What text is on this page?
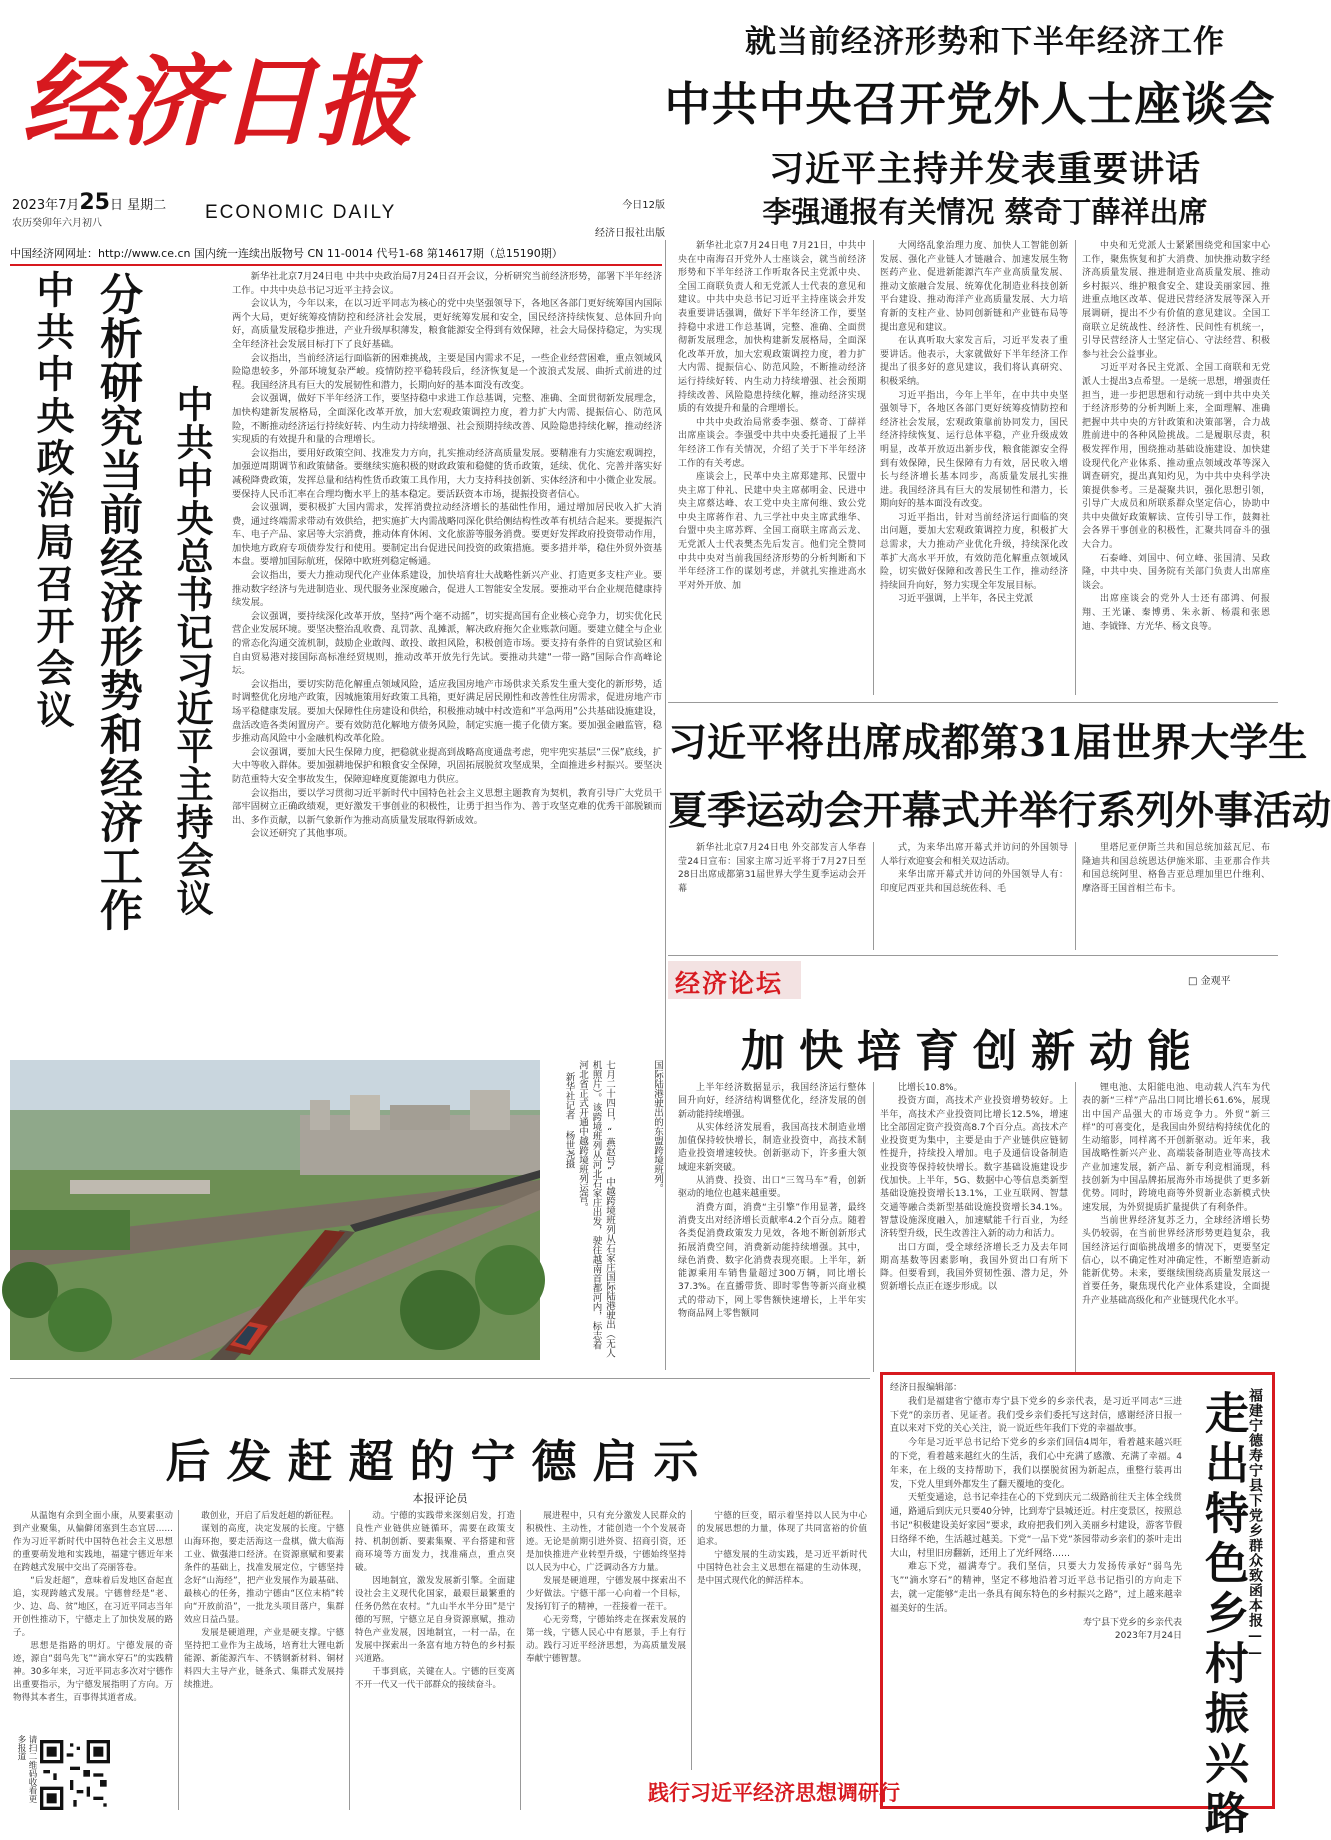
经济日报
2023年7月25日 星期二
农历癸卯年六月初八
ECONOMIC DAILY	今日12版
经济日报社出版
中国经济网网址：http://www.ce.cn 国内统一连续出版物号 CN 11-0014 代号1-68 第14617期（总15190期）
就当前经济形势和下半年经济工作
中共中央召开党外人士座谈会
习近平主持并发表重要讲话
李强通报有关情况 蔡奇丁薛祥出席

新华社北京7月24日电 7月21日，中共中央在中南海召开党外人士座谈会，就当前经济形势和下半年经济工作听取各民主党派中央、全国工商联负责人和无党派人士代表的意见和建议。中共中央总书记习近平主持座谈会并发表重要讲话强调，做好下半年经济工作，要坚持稳中求进工作总基调，完整、准确、全面贯彻新发展理念，加快构建新发展格局，全面深化改革开放，加大宏观政策调控力度，着力扩大内需、提振信心、防范风险，不断推动经济运行持续好转、内生动力持续增强、社会预期持续改善、风险隐患持续化解，推动经济实现质的有效提升和量的合理增长。

中共中央政治局常委李强、蔡奇、丁薛祥出席座谈会。李强受中共中央委托通报了上半年经济工作有关情况，介绍了关于下半年经济工作的有关考虑。

座谈会上，民革中央主席郑建邦、民盟中央主席丁仲礼、民建中央主席郝明金、民进中央主席蔡达峰、农工党中央主席何维、致公党中央主席蒋作君、九三学社中央主席武维华、台盟中央主席苏辉、全国工商联主席高云龙、无党派人士代表樊杰先后发言。他们完全赞同中共中央对当前我国经济形势的分析判断和下半年经济工作的谋划考虑，并就扎实推进高水平对外开放、加

大网络乱象治理力度、加快人工智能创新发展、强化产业链人才链融合、加速发展生物医药产业、促进新能源汽车产业高质量发展、推动文旅融合发展、统筹优化制造业科技创新平台建设、推动海洋产业高质量发展、大力培育新的支柱产业、协同创新链和产业链布局等提出意见和建议。

在认真听取大家发言后，习近平发表了重要讲话。他表示，大家就做好下半年经济工作提出了很多好的意见建议，我们将认真研究、积极采纳。

习近平指出，今年上半年，在中共中央坚强领导下，各地区各部门更好统筹疫情防控和经济社会发展，宏观政策靠前协同发力，国民经济持续恢复、运行总体平稳，产业升级成效明显，改革开放迈出新步伐，粮食能源安全得到有效保障，民生保障有力有效，居民收入增长与经济增长基本同步，高质量发展扎实推进。我国经济具有巨大的发展韧性和潜力，长期向好的基本面没有改变。

习近平指出，针对当前经济运行面临的突出问题，要加大宏观政策调控力度，积极扩大总需求，大力推动产业优化升级，持续深化改革扩大高水平开放，有效防范化解重点领域风险，切实做好保障和改善民生工作，推动经济持续回升向好，努力实现全年发展目标。

习近平强调，上半年，各民主党派

中央和无党派人士紧紧围绕党和国家中心工作，聚焦恢复和扩大消费、加快推动数字经济高质量发展、推进制造业高质量发展、推动乡村振兴、维护粮食安全、建设美丽家园、推进重点地区改革、促进民营经济发展等深入开展调研，提出不少有价值的意见建议。全国工商联立足统战性、经济性、民间性有机统一，引导民营经济人士坚定信心、守法经营、积极参与社会公益事业。

习近平对各民主党派、全国工商联和无党派人士提出3点希望。一是统一思想，增强责任担当，进一步把思想和行动统一到中共中央关于经济形势的分析判断上来，全面理解、准确把握中共中央的方针政策和决策部署，合力战胜前进中的各种风险挑战。二是履职尽责，积极发挥作用，围绕推动基础设施建设、加快建设现代化产业体系、推动重点领域改革等深入调查研究，提出真知灼见，为中共中央科学决策提供参考。三是凝聚共识，强化思想引领，引导广大成员和所联系群众坚定信心，协助中共中央做好政策解读、宣传引导工作，鼓舞社会各界干事创业的积极性，汇聚共同奋斗的强大合力。

石泰峰、刘国中、何立峰、张国清、吴政隆，中共中央、国务院有关部门负责人出席座谈会。

出席座谈会的党外人士还有邵鸿、何报翔、王光谦、秦博勇、朱永新、杨震和张恩迪、李钺锋、方光华、杨文良等。

中共中央政治局召开会议 分析研究当前经济形势和经济工作 中共中央总书记习近平主持会议

新华社北京7月24日电 中共中央政治局7月24日召开会议，分析研究当前经济形势，部署下半年经济工作。中共中央总书记习近平主持会议。

会议认为，今年以来，在以习近平同志为核心的党中央坚强领导下，各地区各部门更好统筹国内国际两个大局，更好统筹疫情防控和经济社会发展，更好统筹发展和安全，国民经济持续恢复、总体回升向好，高质量发展稳步推进，产业升级厚积薄发，粮食能源安全得到有效保障，社会大局保持稳定，为实现全年经济社会发展目标打下了良好基础。

会议指出，当前经济运行面临新的困难挑战，主要是国内需求不足，一些企业经营困难，重点领域风险隐患较多，外部环境复杂严峻。疫情防控平稳转段后，经济恢复是一个波浪式发展、曲折式前进的过程。我国经济具有巨大的发展韧性和潜力，长期向好的基本面没有改变。

会议强调，做好下半年经济工作，要坚持稳中求进工作总基调，完整、准确、全面贯彻新发展理念，加快构建新发展格局，全面深化改革开放，加大宏观政策调控力度，着力扩大内需、提振信心、防范风险，不断推动经济运行持续好转、内生动力持续增强、社会预期持续改善、风险隐患持续化解，推动经济实现质的有效提升和量的合理增长。

会议指出，要用好政策空间、找准发力方向，扎实推动经济高质量发展。要精准有力实施宏观调控，加强逆周期调节和政策储备。要继续实施积极的财政政策和稳健的货币政策，延续、优化、完善并落实好减税降费政策，发挥总量和结构性货币政策工具作用，大力支持科技创新、实体经济和中小微企业发展。要保持人民币汇率在合理均衡水平上的基本稳定。要活跃资本市场，提振投资者信心。

会议强调，要积极扩大国内需求，发挥消费拉动经济增长的基础性作用，通过增加居民收入扩大消费，通过终端需求带动有效供给，把实施扩大内需战略同深化供给侧结构性改革有机结合起来。要提振汽车、电子产品、家居等大宗消费，推动体育休闲、文化旅游等服务消费。要更好发挥政府投资带动作用，加快地方政府专项债券发行和使用。要制定出台促进民间投资的政策措施。要多措并举，稳住外贸外资基本盘。要增加国际航班，保障中欧班列稳定畅通。

会议指出，要大力推动现代化产业体系建设，加快培育壮大战略性新兴产业、打造更多支柱产业。要推动数字经济与先进制造业、现代服务业深度融合，促进人工智能安全发展。要推动平台企业规范健康持续发展。

会议强调，要持续深化改革开放，坚持“两个毫不动摇”，切实提高国有企业核心竞争力，切实优化民营企业发展环境。要坚决整治乱收费、乱罚款、乱摊派，解决政府拖欠企业账款问题。要建立健全与企业的常态化沟通交流机制，鼓励企业敢闯、敢投、敢担风险，积极创造市场。要支持有条件的自贸试验区和自由贸易港对接国际高标准经贸规则，推动改革开放先行先试。要推动共建“一带一路”国际合作高峰论坛。

会议指出，要切实防范化解重点领域风险，适应我国房地产市场供求关系发生重大变化的新形势，适时调整优化房地产政策，因城施策用好政策工具箱，更好满足居民刚性和改善性住房需求，促进房地产市场平稳健康发展。要加大保障性住房建设和供给，积极推动城中村改造和“平急两用”公共基础设施建设，盘活改造各类闲置房产。要有效防范化解地方债务风险，制定实施一揽子化债方案。要加强金融监管，稳步推动高风险中小金融机构改革化险。

会议强调，要加大民生保障力度，把稳就业提高到战略高度通盘考虑，兜牢兜实基层“三保”底线，扩大中等收入群体。要加强耕地保护和粮食安全保障，巩固拓展脱贫攻坚成果，全面推进乡村振兴。要坚决防范重特大安全事故发生，保障迎峰度夏能源电力供应。

会议指出，要以学习贯彻习近平新时代中国特色社会主义思想主题教育为契机，教育引导广大党员干部牢固树立正确政绩观，更好激发干事创业的积极性，让勇于担当作为、善于攻坚克难的优秀干部脱颖而出、多作贡献，以新气象新作为推动高质量发展取得新成效。

会议还研究了其他事项。

习近平将出席成都第31届世界大学生
夏季运动会开幕式并举行系列外事活动

新华社北京7月24日电 外交部发言人华春莹24日宣布：国家主席习近平将于7月27日至28日出席成都第31届世界大学生夏季运动会开幕

式，为来华出席开幕式并访问的外国领导人举行欢迎宴会和相关双边活动。

来华出席开幕式并访问的外国领导人有：印度尼西亚共和国总统佐科、毛

里塔尼亚伊斯兰共和国总统加兹瓦尼、布隆迪共和国总统恩达伊施米耶、圭亚那合作共和国总统阿里、格鲁吉亚总理加里巴什维利、摩洛哥王国首相兰布卡。

经济论坛	□ 金观平
加快培育创新动能

上半年经济数据显示，我国经济运行整体回升向好，经济结构调整优化，经济发展的创新动能持续增强。

从实体经济发展看，我国高技术制造业增加值保持较快增长，制造业投资中，高技术制造业投资增速较快。创新驱动下，许多重大领域迎来新突破。

从消费、投资、出口“三驾马车”看，创新驱动的地位也越来越重要。

消费方面，消费“主引擎”作用显著，最终消费支出对经济增长贡献率4.2个百分点。随着各类促消费政策发力见效，各地不断创新形式拓展消费空间，消费新动能持续增强。其中，绿色消费、数字化消费表现亮眼。上半年，新能源乘用车销售量超过300万辆，同比增长37.3%。在直播带货、即时零售等新兴商业模式的带动下，网上零售额快速增长，上半年实物商品网上零售额同

比增长10.8%。

投资方面，高技术产业投资增势较好。上半年，高技术产业投资同比增长12.5%，增速比全部固定资产投资高8.7个百分点。高技术产业投资更为集中，主要是由于产业链供应链韧性提升，持续投入增加。电子及通信设备制造业投资等保持较快增长。数字基础设施建设步伐加快。上半年，5G、数据中心等信息类新型基础设施投资增长13.1%，工业互联网、智慧交通等融合类新型基础设施投资增长34.1%。智慧设施深度融入，加速赋能千行百业，为经济转型升级，民生改善注入新的动力和活力。

出口方面，受全球经济增长乏力及去年同期高基数等因素影响，我国外贸出口有所下降。但要看到，我国外贸韧性强、潜力足，外贸新增长点正在逐步形成。以

锂电池、太阳能电池、电动载人汽车为代表的新“三样”产品出口同比增长61.6%，展现出中国产品强大的市场竞争力。外贸“新三样”的可喜变化，是我国由外贸结构持续优化的生动缩影，同样离不开创新驱动。近年来，我国战略性新兴产业、高端装备制造业等高技术产业加速发展，新产品、新专利竞相涌现，科技创新为中国品牌拓展海外市场提供了更多新优势。同时，跨境电商等外贸新业态新模式快速发展，为外贸提质扩量提供了有利条件。

当前世界经济复苏乏力，全球经济增长势头仍较弱，在当前世界经济形势更趋复杂，我国经济运行面临挑战增多的情况下，更要坚定信心，以不确定性对冲确定性，不断塑造新动能新优势。未来，要继续围绕高质量发展这一首要任务，聚焦现代化产业体系建设，全面提升产业基础高级化和产业链现代化水平。

国际陆港驶出的东盟跨境班列。
七月二十四日，“燕赵号”中越跨境班列从石家庄国际陆港驶出（无人机照片）。该跨境班列从河北石家庄出发，驶往越南首都河内，标志着河北省正式开通中越跨境班列运营。
新华社记者 杨世尧摄
后发赶超的宁德启示
本报评论员

从温饱有余到全面小康，从要素驱动到产业聚集，从偏僻闭塞到生态宜居……作为习近平新时代中国特色社会主义思想的重要萌发地和实践地，福建宁德近年来在跨越式发展中交出了亮丽答卷。

“后发赶超”，意味着后发地区奋起直追，实现跨越式发展。宁德曾经是“老、少、边、岛、贫”地区，在习近平同志当年开创性推动下，宁德走上了加快发展的路子。

思想是指路的明灯。宁德发展的奇迹，源自“弱鸟先飞”“滴水穿石”的实践精神。30多年来，习近平同志多次对宁德作出重要指示，为宁德发展指明了方向。万物得其本者生，百事得其道者成。

请扫二维码收看更多报道

敢创业，开启了后发赶超的新征程。

谋划的高度，决定发展的长度。宁德山海环抱，要走活海这一盘棋，做大临海工业、做强港口经济。在资源禀赋和要素条件的基础上，找准发展定位，宁德坚持念好“山海经”，把产业发展作为最基础、最核心的任务，推动宁德由“区位末梢”转向“开放前沿”，一批龙头项目落户，集群效应日益凸显。

发展是硬道理，产业是硬支撑。宁德坚持把工业作为主战场，培育壮大锂电新能源、新能源汽车、不锈钢新材料、铜材料四大主导产业，链条式、集群式发展持续推进。

动。宁德的实践带来深刻启发，打造良性产业链供应链循环，需要在政策支持、机制创新、要素集聚、平台搭建和营商环境等方面发力，找准痛点，重点突破。

因地制宜，激发发展新引擎。全面建设社会主义现代化国家，最艰巨最繁重的任务仍然在农村。“九山半水半分田”是宁德的写照，宁德立足自身资源禀赋，推动特色产业发展，因地制宜，一村一品，在发展中探索出一条富有地方特色的乡村振兴道路。

千事到底，关键在人。宁德的巨变离不开一代又一代干部群众的接续奋斗。

展进程中，只有充分激发人民群众的积极性、主动性，才能创造一个个发展奇迹。无论是前期引进外资、招商引资，还是加快推进产业转型升级，宁德始终坚持以人民为中心，广泛调动各方力量。

发展是硬道理，宁德发展中探索出不少好做法。宁德干部一心向着一个目标，发扬钉钉子的精神，一茬接着一茬干。

心无旁骛，宁德始终走在探索发展的第一线，宁德人民心中有愿景，手上有行动。践行习近平经济思想，为高质量发展奉献宁德智慧。

宁德的巨变，昭示着坚持以人民为中心的发展思想的力量，体现了共同富裕的价值追求。

宁德发展的生动实践，是习近平新时代中国特色社会主义思想在福建的生动体现，是中国式现代化的鲜活样本。

践行习近平经济思想调研行

经济日报编辑部：

我们是福建省宁德市寿宁县下党乡的乡亲代表，是习近平同志“三进下党”的亲历者、见证者。我们受乡亲们委托写这封信，感谢经济日报一直以来对下党的关心关注，说一说近些年我们下党的幸福故事。

今年是习近平总书记给下党乡的乡亲们回信4周年，看着越来越兴旺的下党，看着越来越红火的生活，我们心中充满了感激、充满了幸福。4年来，在上级的支持帮助下，我们以摆脱贫困为新起点，重整行装再出发，下党人里到外都发生了翻天覆地的变化。

天堑变通途，总书记牵挂在心的下党到庆元二级路前往天主体全线贯通，路通后到庆元只要40分钟，比到寿宁县城还近。村庄变景区，按照总书记“积极建设美好家园”要求，政府把我们列入美丽乡村建设，游客节假日络绎不绝，生活越过越美。下党“一品下党”茶园带动乡亲们的茶叶走出大山，村里旧房翻新，还用上了光纤网络……

难忘下党，福满寿宁。我们坚信，只要大力发扬传承好“弱鸟先飞”“滴水穿石”的精神，坚定不移地沿着习近平总书记指引的方向走下去，就一定能够“走出一条具有闽东特色的乡村振兴之路”，过上越来越幸福美好的生活。

寿宁县下党乡的乡亲代表

2023年7月24日 走出特色乡村振兴路 福建宁德寿宁县下党乡群众致函本报——
